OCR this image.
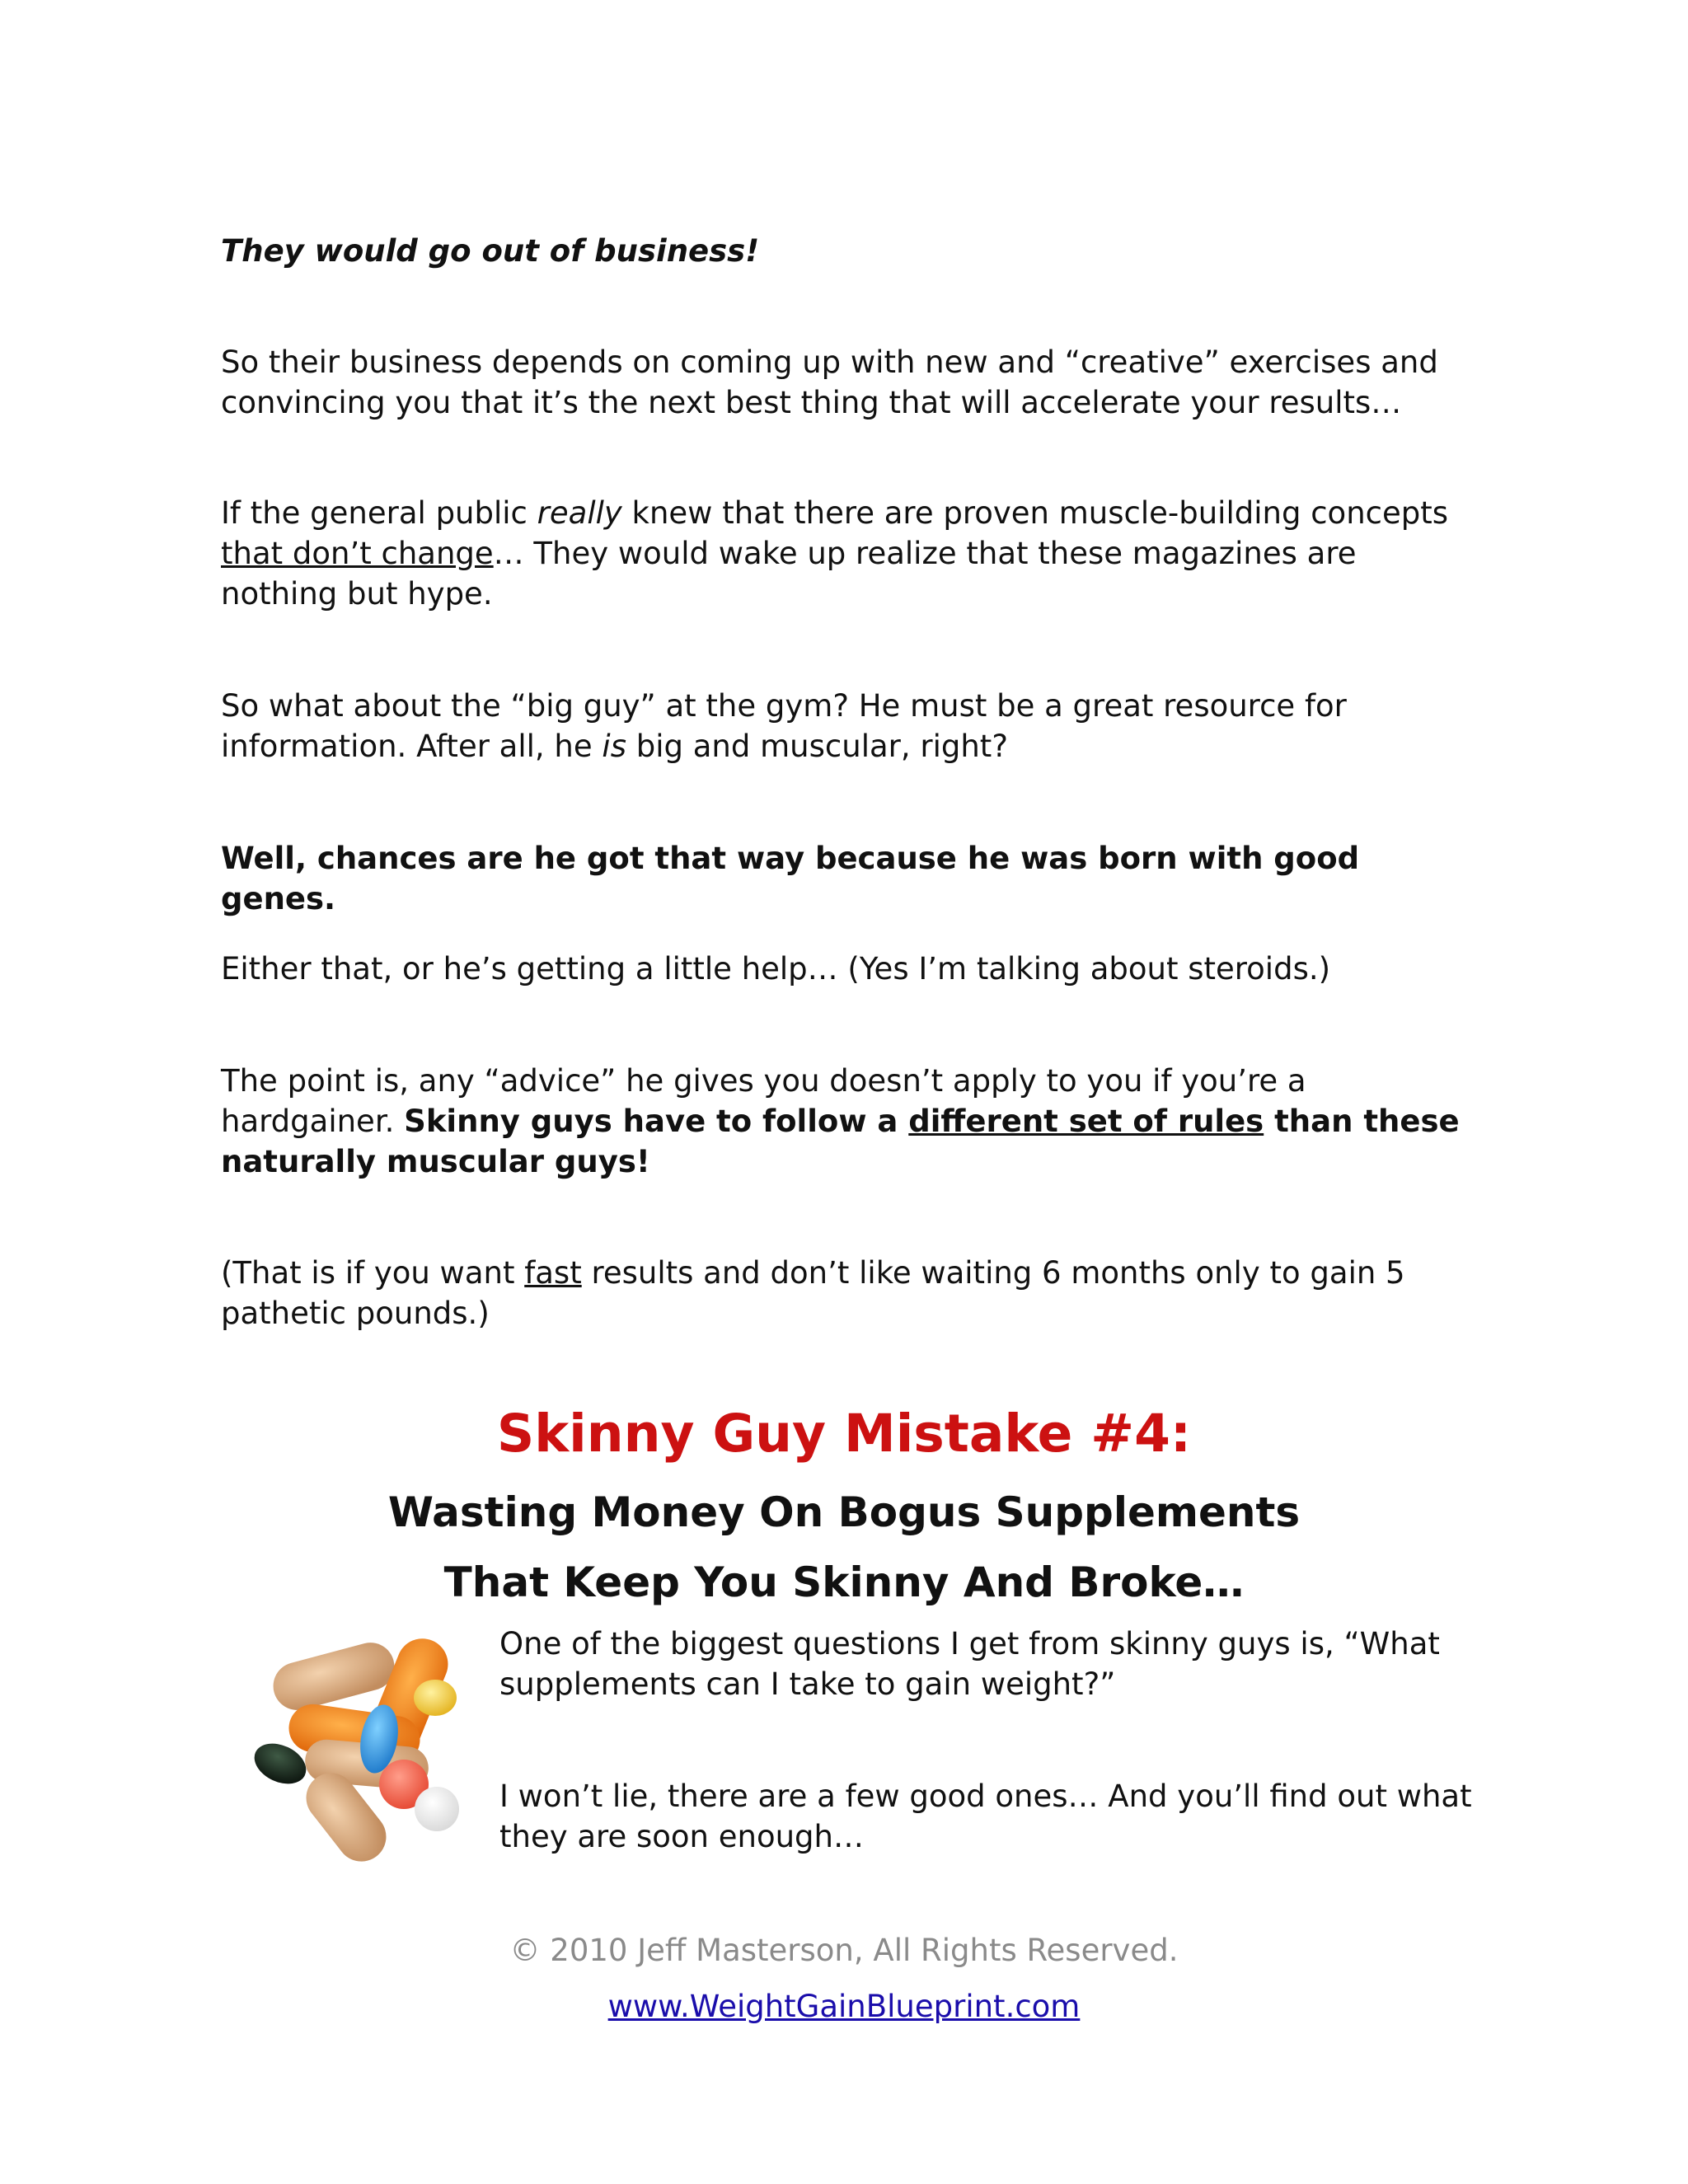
They would go out of business!

So their business depends on coming up with new and “creative” exercises and convincing you that it’s the next best thing that will accelerate your results…

If the general public really knew that there are proven muscle-building concepts that don’t change… They would wake up realize that these magazines are nothing but hype.

So what about the “big guy” at the gym? He must be a great resource for information. After all, he is big and muscular, right?

Well, chances are he got that way because he was born with good genes.

Either that, or he’s getting a little help… (Yes I’m talking about steroids.)

The point is, any “advice” he gives you doesn’t apply to you if you’re a hardgainer. Skinny guys have to follow a different set of rules than these naturally muscular guys!

(That is if you want fast results and don’t like waiting 6 months only to gain 5 pathetic pounds.)

Skinny Guy Mistake #4:
Wasting Money On Bogus Supplements
That Keep You Skinny And Broke…

One of the biggest questions I get from skinny guys is, “What supplements can I take to gain weight?”

I won’t lie, there are a few good ones… And you’ll find out what they are soon enough…

© 2010 Jeff Masterson, All Rights Reserved.

www.WeightGainBlueprint.com
